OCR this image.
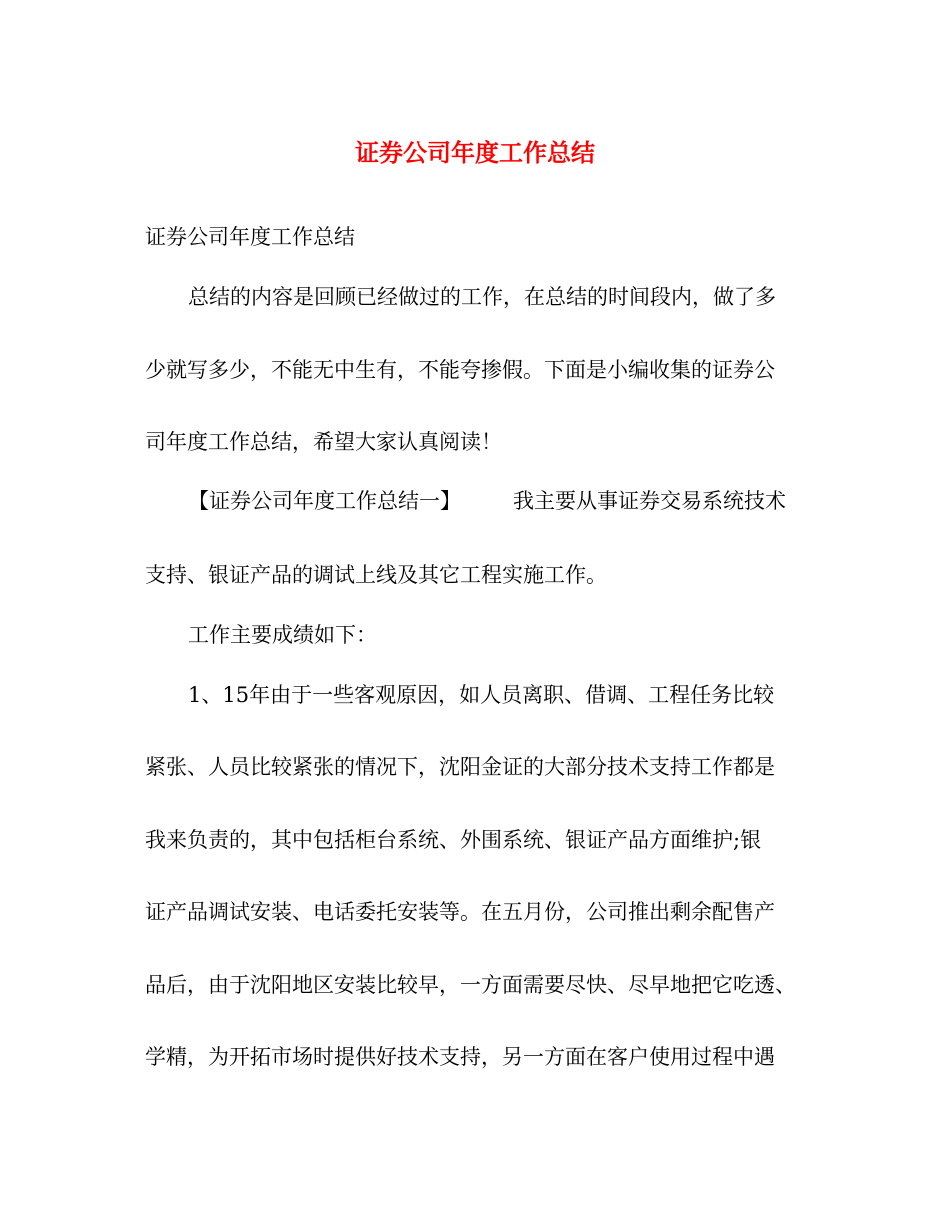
证券公司年度工作总结

证券公司年度工作总结

总结的内容是回顾已经做过的工作，在总结的时间段内，做了多

少就写多少，不能无中生有，不能夸掺假。下面是小编收集的证券公

司年度工作总结，希望大家认真阅读！

【证券公司年度工作总结一】 我主要从事证券交易系统技术

支持、银证产品的调试上线及其它工程实施工作。

工作主要成绩如下：

1、15年由于一些客观原因，如人员离职、借调、工程任务比较

紧张、人员比较紧张的情况下，沈阳金证的大部分技术支持工作都是

我来负责的，其中包括柜台系统、外围系统、银证产品方面维护;银

证产品调试安装、电话委托安装等。在五月份，公司推出剩余配售产

品后，由于沈阳地区安装比较早，一方面需要尽快、尽早地把它吃透、

学精，为开拓市场时提供好技术支持，另一方面在客户使用过程中遇
